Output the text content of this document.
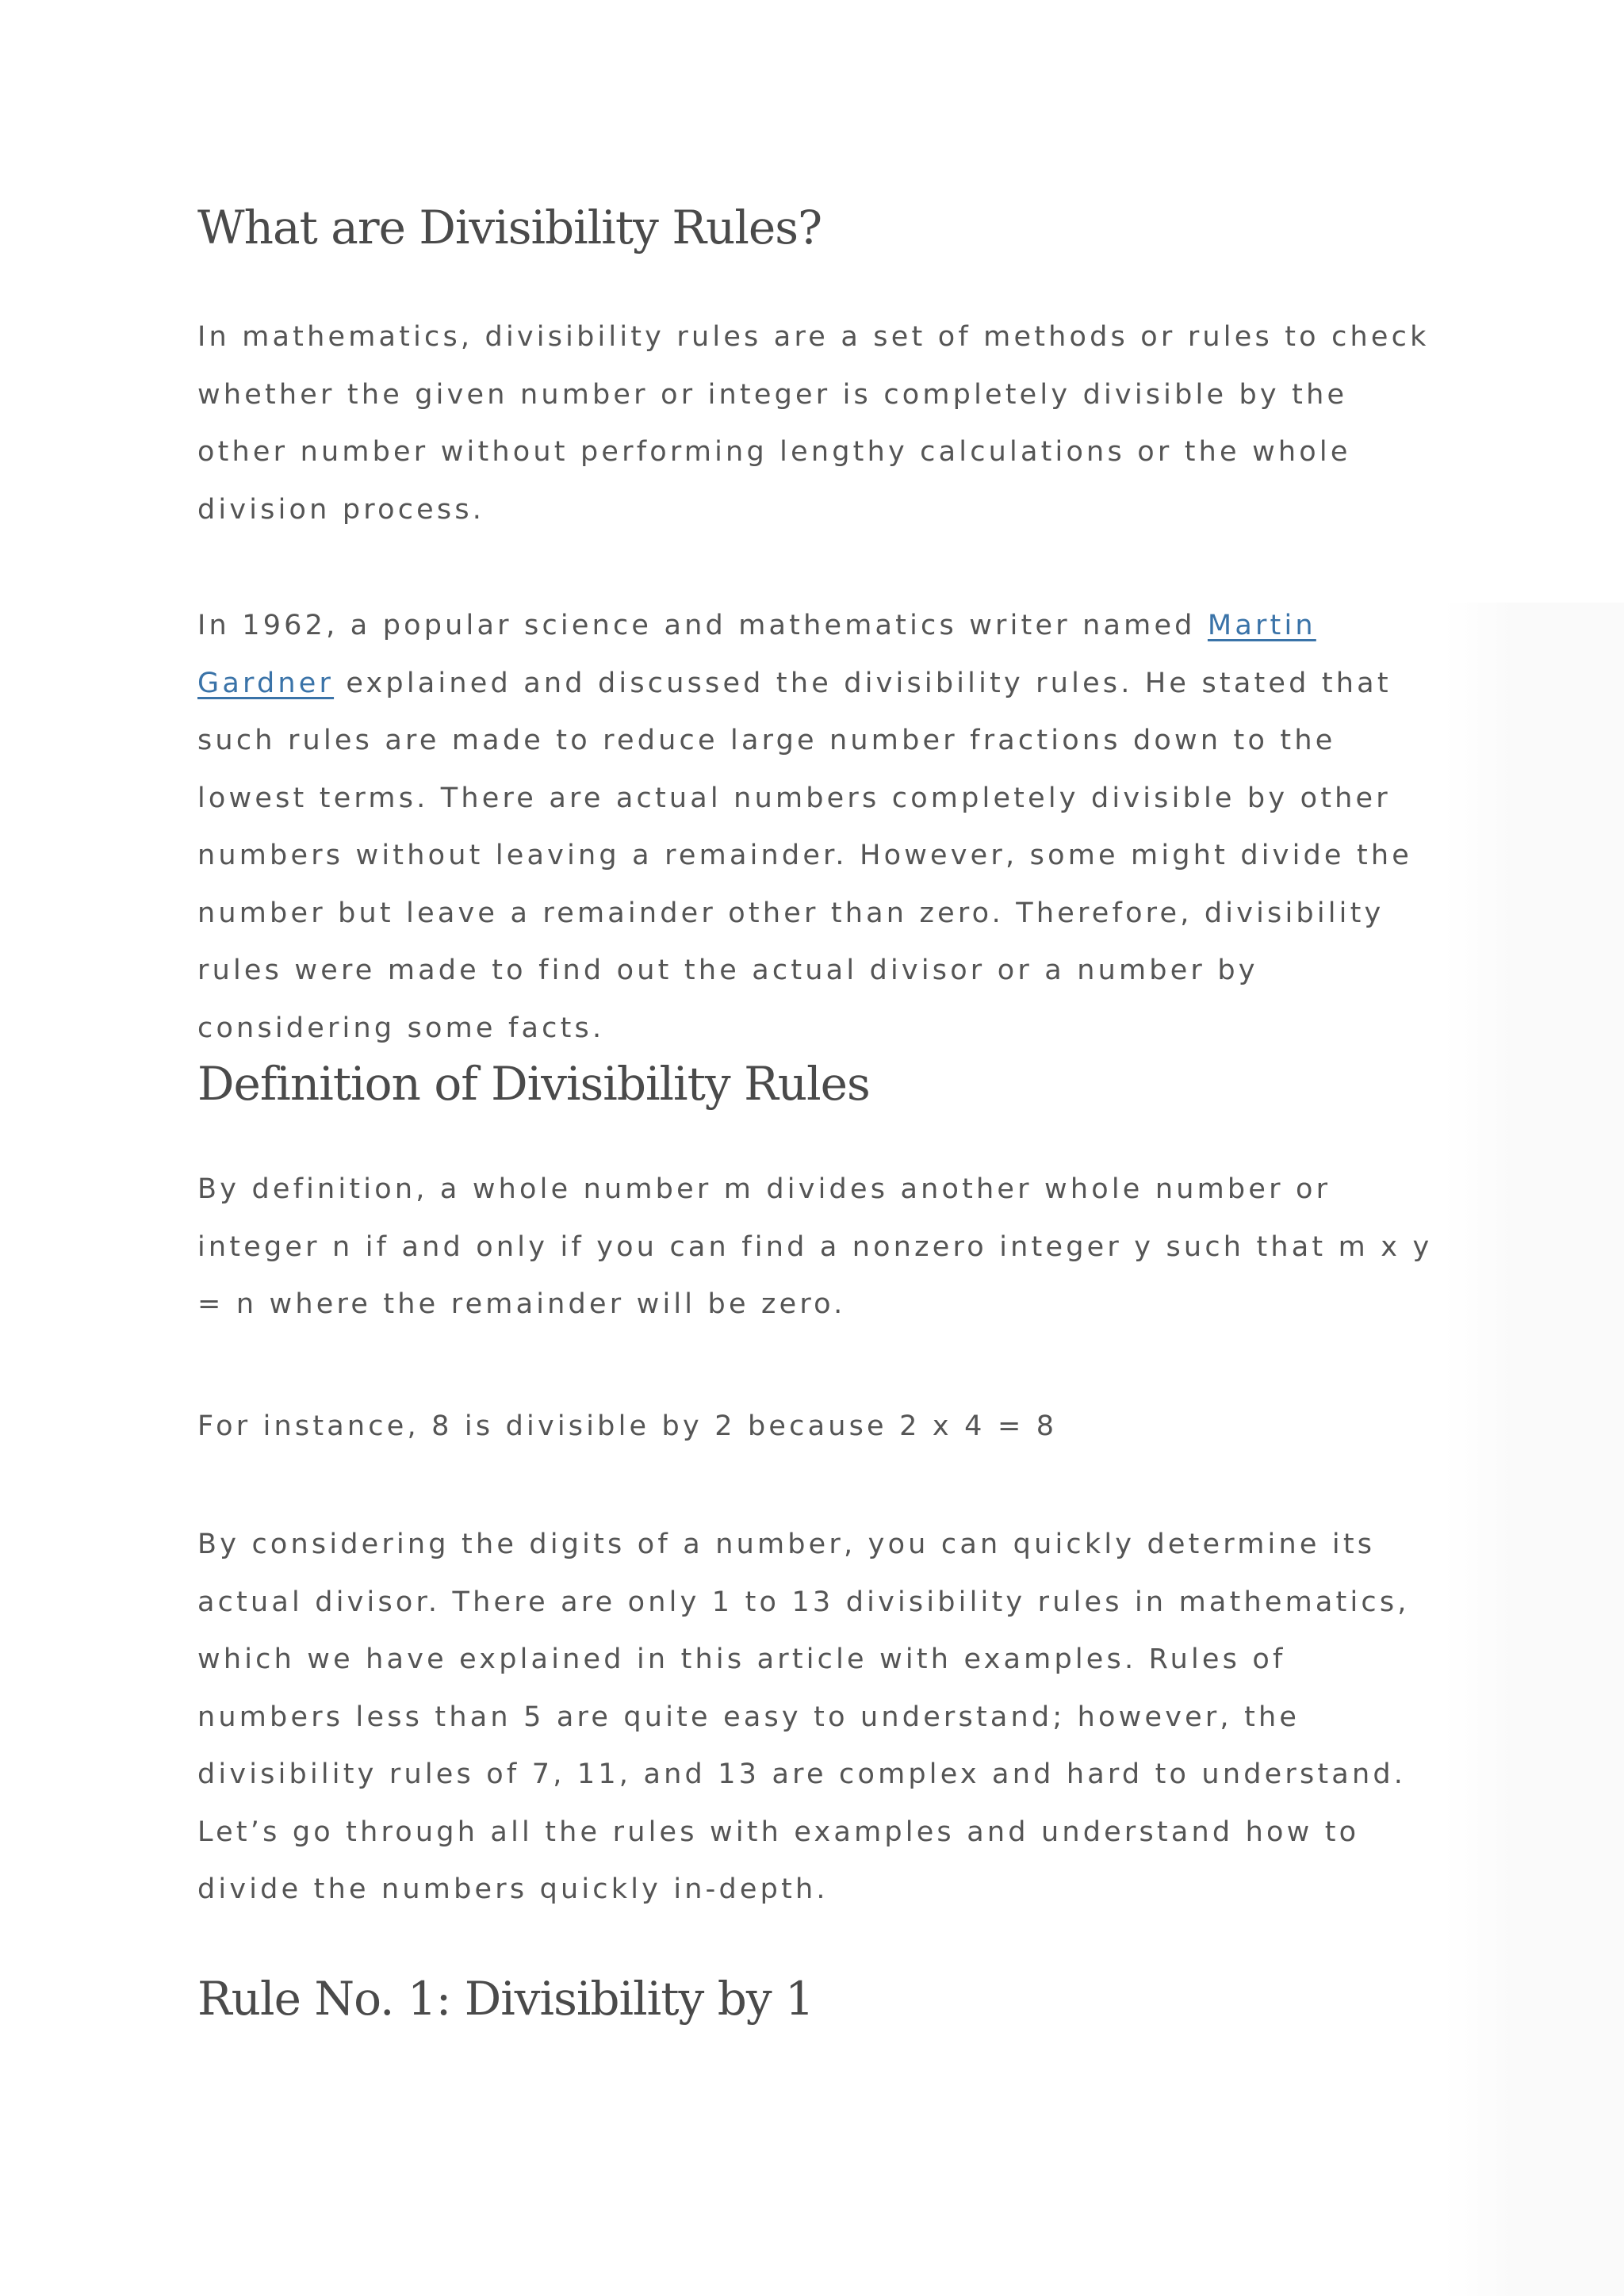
What are Divisibility Rules?

In mathematics, divisibility rules are a set of methods or rules to check whether the given number or integer is completely divisible by the other number without performing lengthy calculations or the whole division process.

In 1962, a popular science and mathematics writer named Martin Gardner explained and discussed the divisibility rules. He stated that such rules are made to reduce large number fractions down to the lowest terms. There are actual numbers completely divisible by other numbers without leaving a remainder. However, some might divide the number but leave a remainder other than zero. Therefore, divisibility rules were made to find out the actual divisor or a number by considering some facts.

Definition of Divisibility Rules

By definition, a whole number m divides another whole number or integer n if and only if you can find a nonzero integer y such that m x y = n where the remainder will be zero.

For instance, 8 is divisible by 2 because 2 x 4 = 8

By considering the digits of a number, you can quickly determine its actual divisor. There are only 1 to 13 divisibility rules in mathematics, which we have explained in this article with examples. Rules of numbers less than 5 are quite easy to understand; however, the divisibility rules of 7, 11, and 13 are complex and hard to understand. Let’s go through all the rules with examples and understand how to divide the numbers quickly in-depth.

Rule No. 1: Divisibility by 1
